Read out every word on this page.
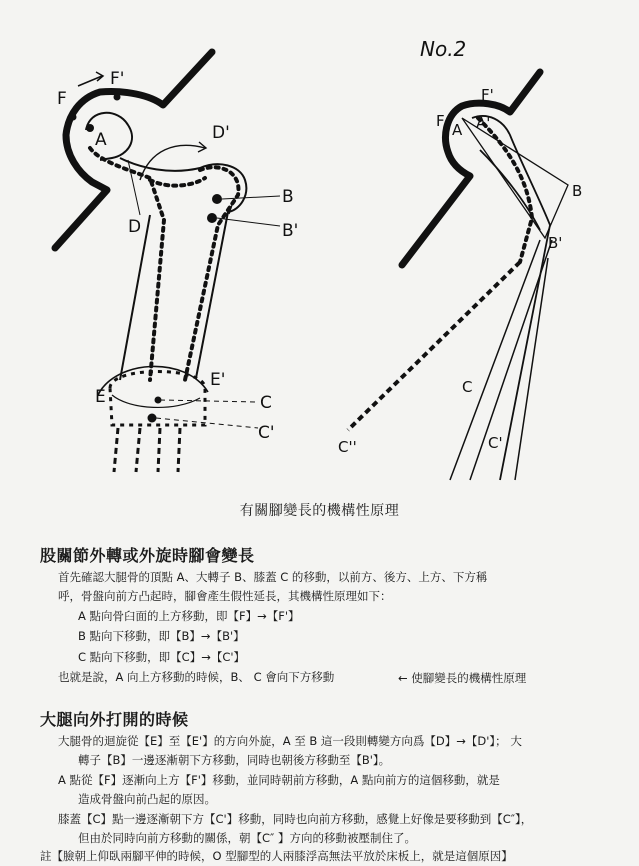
F
F'
A	D'
D
B
B'
E
E'
C
C'
No.2
F
F'
A A'
B
B'
C
C'
C''
有關腳變長的機構性原理
股關節外轉或外旋時腳會變長
首先確認大腿骨的頂點 A、大轉子 B、膝蓋 C 的移動，以前方、後方、上方、下方稱
呼，骨盤向前方凸起時，腳會產生假性延長，其機構性原理如下：
A 點向骨臼面的上方移動，即【F】→【F'】
B 點向下移動，即【B】→【B'】
C 點向下移動，即【C】→【C'】
也就是說，A 向上方移動的時候，B、 C 會向下方移動	← 使腳變長的機構性原理
大腿向外打開的時候
大腿骨的迴旋從【E】至【E'】的方向外旋，A 至 B 這一段則轉變方向爲【D】→【D'】； 大
轉子【B】一邊逐漸朝下方移動，同時也朝後方移動至【B'】。
A 點從【F】逐漸向上方【F'】移動，並同時朝前方移動，A 點向前方的這個移動，就是
造成骨盤向前凸起的原因。
膝蓋【C】點一邊逐漸朝下方【C'】移動，同時也向前方移動，感覺上好像是要移動到【C″】，
但由於同時向前方移動的關係，朝【C″ 】方向的移動被壓制住了。
註【臉朝上仰臥兩腳平伸的時候，O 型腳型的人兩膝浮高無法平放於床板上，就是這個原因】
